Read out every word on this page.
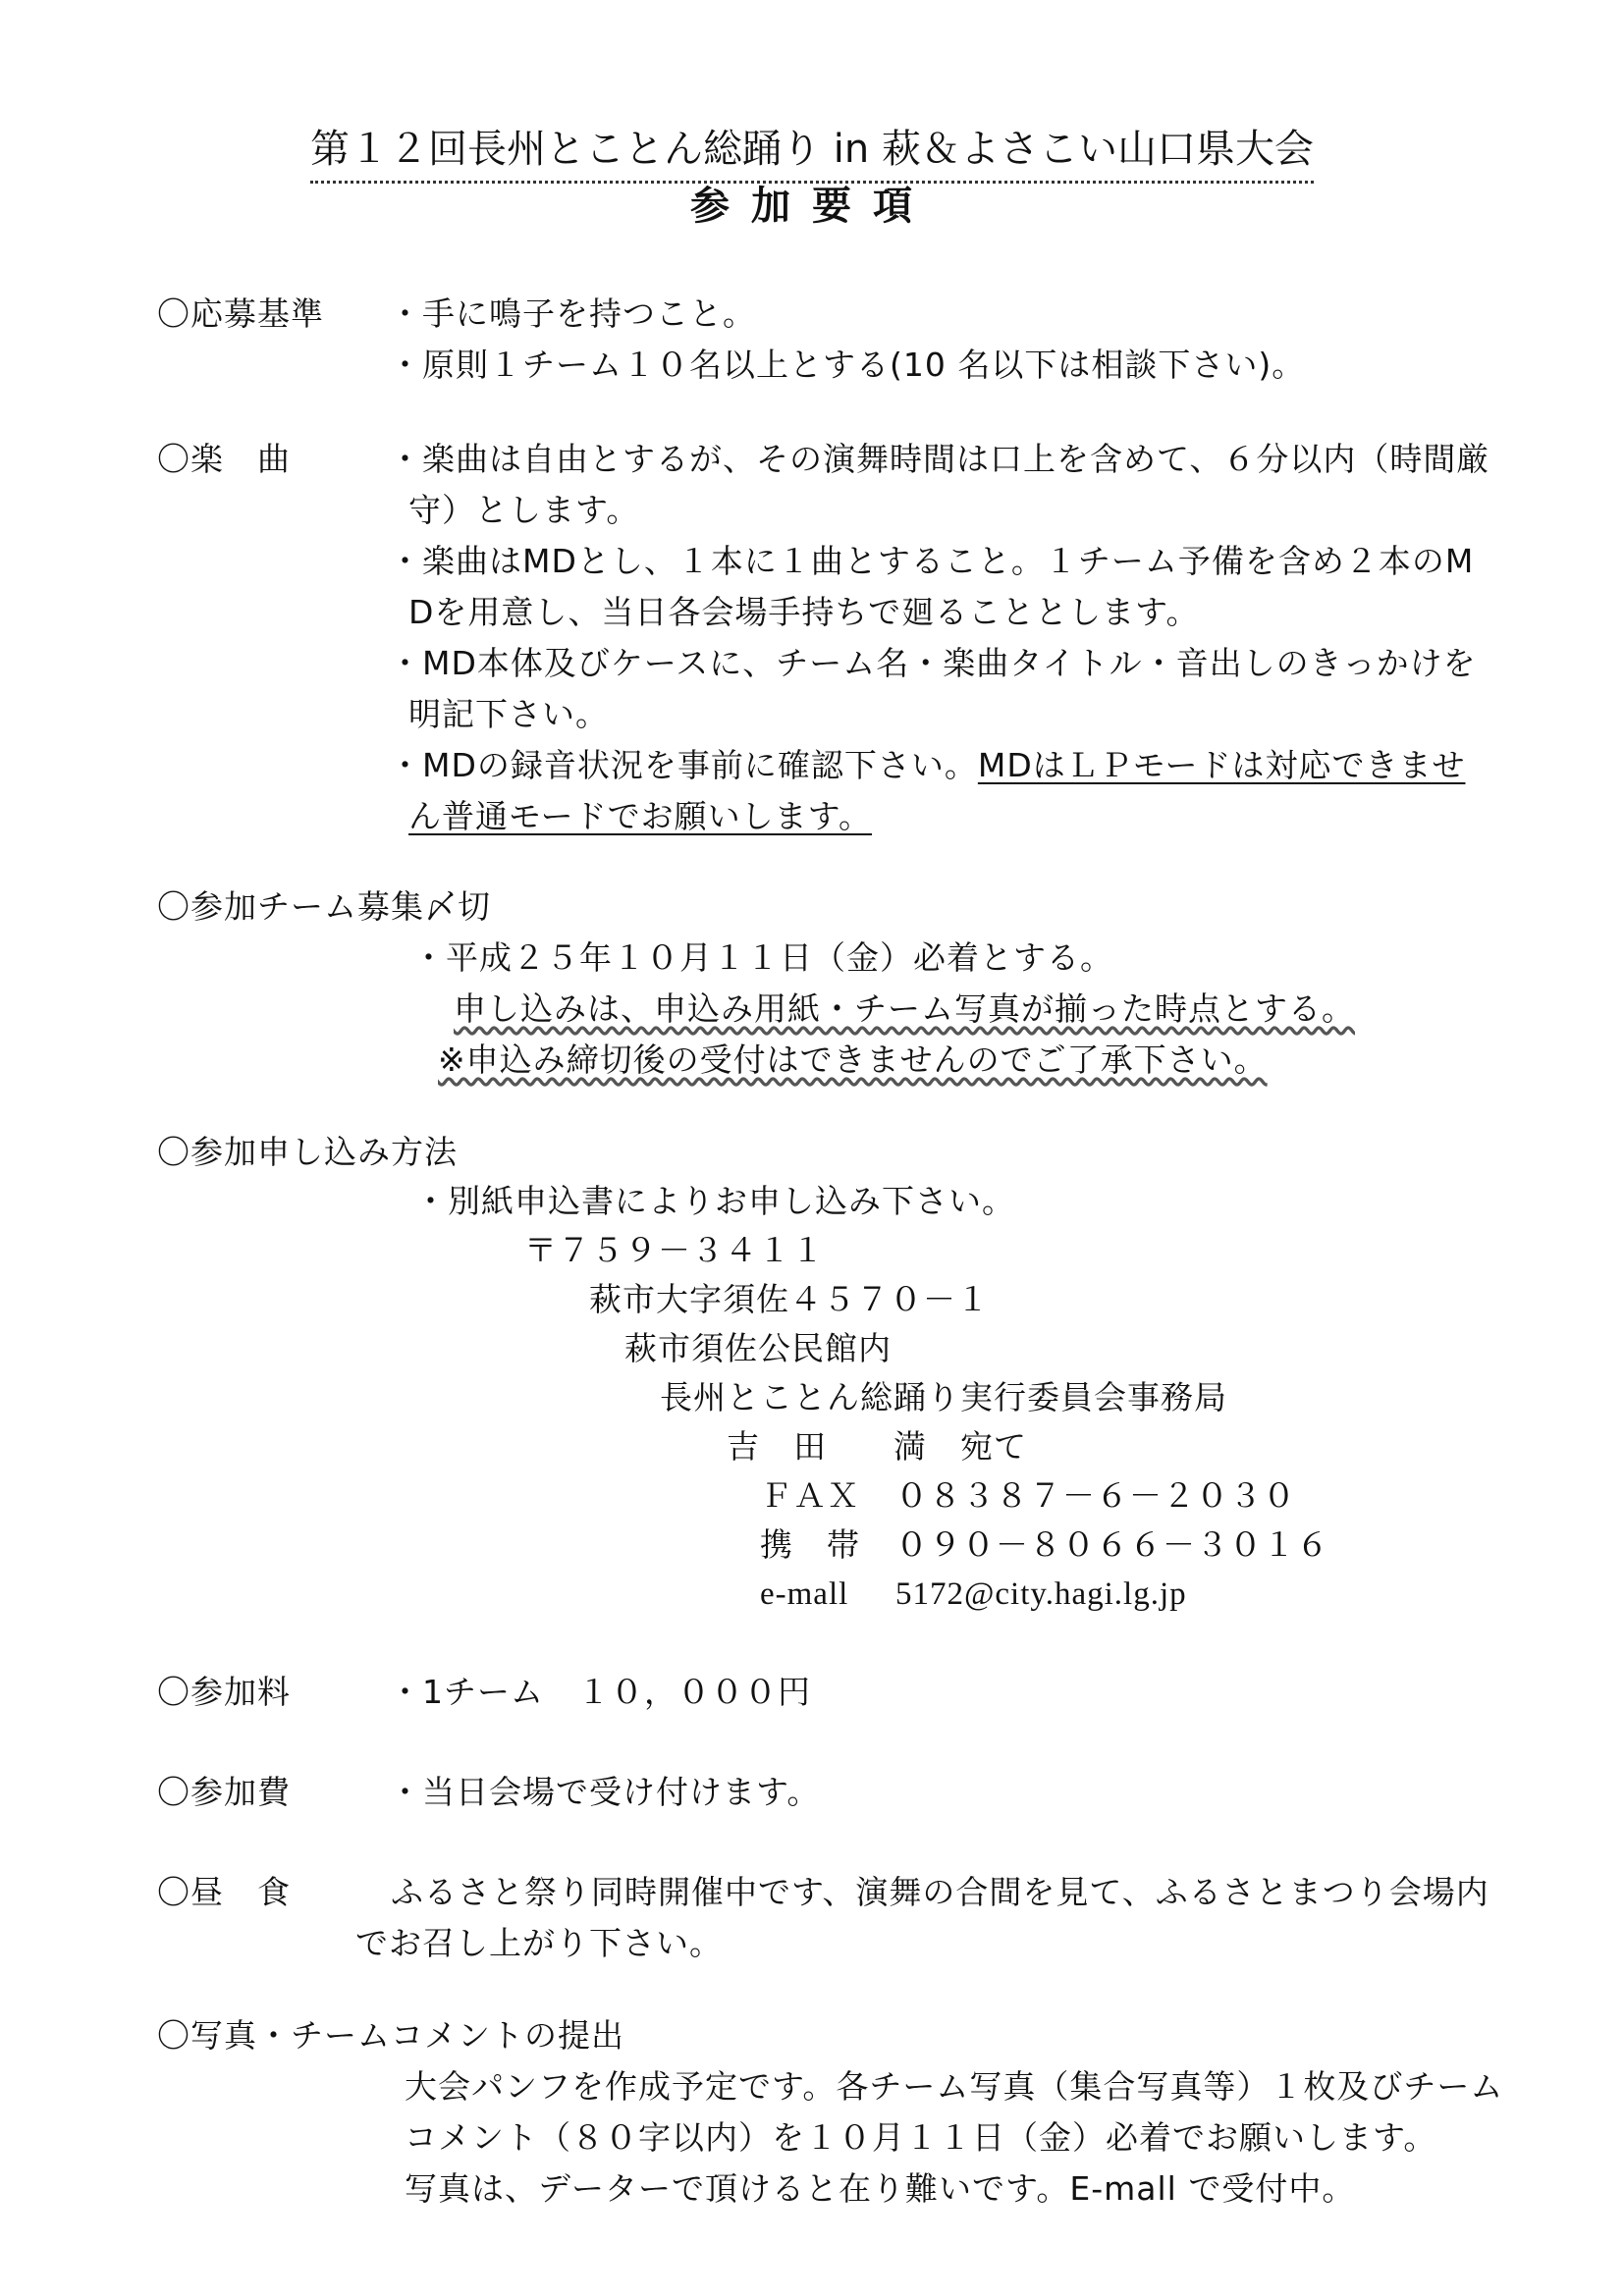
第１２回長州とことん総踊り in 萩＆よさこい山口県大会
参加要項
〇応募基準 ・手に鳴子を持つこと。
・原則１チーム１０名以上とする(10 名以下は相談下さい)。
〇楽　曲	・楽曲は自由とするが、その演舞時間は口上を含めて、６分以内（時間厳
守）とします。
・楽曲はMDとし、１本に１曲とすること。１チーム予備を含め２本のM
Dを用意し、当日各会場手持ちで廻ることとします。
・MD本体及びケースに、チーム名・楽曲タイトル・音出しのきっかけを
明記下さい。
・MDの録音状況を事前に確認下さい。MDはＬＰモードは対応できませ
ん普通モードでお願いします。
〇参加チーム募集〆切
・平成２５年１０月１１日（金）必着とする。
申し込みは、申込み用紙・チーム写真が揃った時点とする。
※申込み締切後の受付はできませんのでご了承下さい。
〇参加申し込み方法
・別紙申込書によりお申し込み下さい。
〒７５９－３４１１
萩市大字須佐４５７０－１
萩市須佐公民館内
長州とことん総踊り実行委員会事務局
吉　田　　満　宛て
ＦＡＸ ０８３８７－６－２０３０
携　帯 ０９０－８０６６－３０１６
e-mall 5172@city.hagi.lg.jp
〇参加料	・1チーム　１０，０００円
〇参加費	・当日会場で受け付けます。
〇昼　食	ふるさと祭り同時開催中です、演舞の合間を見て、ふるさとまつり会場内
でお召し上がり下さい。
〇写真・チームコメントの提出
大会パンフを作成予定です。各チーム写真（集合写真等）１枚及びチーム
コメント（８０字以内）を１０月１１日（金）必着でお願いします。
写真は、データーで頂けると在り難いです。E-mall で受付中。
